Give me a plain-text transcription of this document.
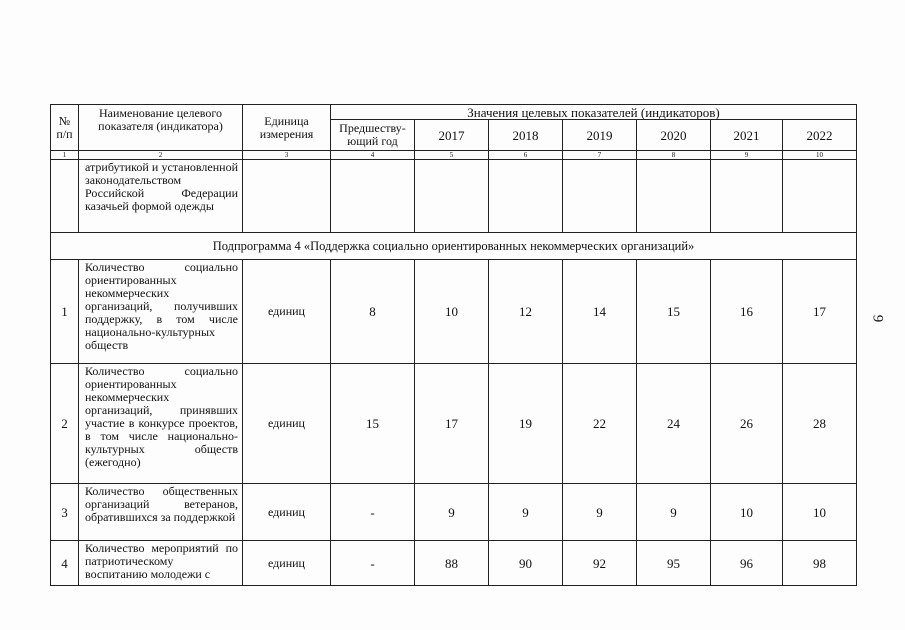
№ п/п	Наименование целевого показателя (индикатора)	Единица измерения	Значения целевых показателей (индикаторов)						
			Предшеству-ющий год	2017	2018	2019	2020	2021	2022
1	2	3	4	5	6	7	8	9	10
	атрибутикой и установленной законодательством Российской Федерации казачьей формой одежды								
Подпрограмма 4 «Поддержка социально ориентированных некоммерческих организаций»									
1	Количество социально ориентированных некоммерческих организаций, получивших поддержку, в том числе национально-культурных обществ	единиц	8	10	12	14	15	16	17
2	Количество социально ориентированных некоммерческих организаций, принявших участие в конкурсе проектов, в том числе национально-культурных обществ (ежегодно)	единиц	15	17	19	22	24	26	28
3	Количество общественных организаций ветеранов, обратившихся за поддержкой	единиц	-	9	9	9	9	10	10
4	Количество мероприятий по патриотическому воспитанию молодежи с	единиц	-	88	90	92	95	96	98
9
